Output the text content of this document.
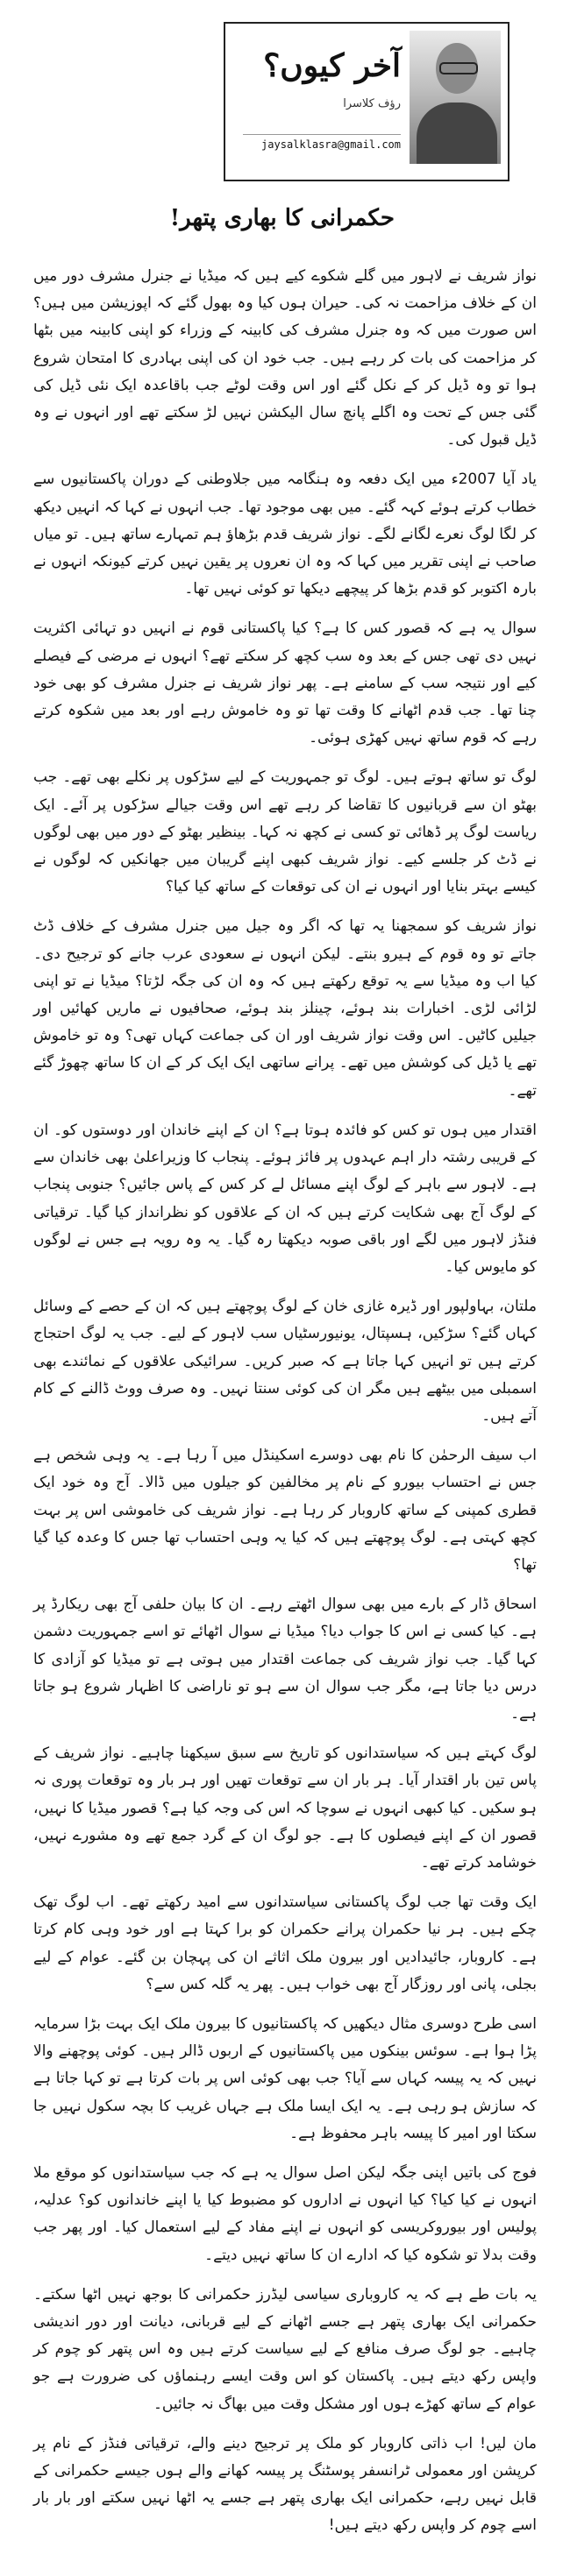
آخر کیوں؟
رؤف کلاسرا
jaysalklasra@gmail.com
حکمرانی کا بھاری پتھر!

نواز شریف نے لاہور میں گلے شکوے کیے ہیں کہ میڈیا نے جنرل مشرف دور میں ان کے خلاف مزاحمت نہ کی۔ حیران ہوں کیا وہ بھول گئے کہ اپوزیشن میں ہیں؟ اس صورت میں کہ وہ جنرل مشرف کی کابینہ کے وزراء کو اپنی کابینہ میں بٹھا کر مزاحمت کی بات کر رہے ہیں۔ جب خود ان کی اپنی بہادری کا امتحان شروع ہوا تو وہ ڈیل کر کے نکل گئے اور اس وقت لوٹے جب باقاعدہ ایک نئی ڈیل کی گئی جس کے تحت وہ اگلے پانچ سال الیکشن نہیں لڑ سکتے تھے اور انہوں نے وہ ڈیل قبول کی۔

یاد آیا 2007ء میں ایک دفعہ وہ ہنگامہ میں جلاوطنی کے دوران پاکستانیوں سے خطاب کرتے ہوئے کہہ گئے۔ میں بھی موجود تھا۔ جب انہوں نے کہا کہ انہیں دیکھ کر لگا لوگ نعرے لگانے لگے۔ نواز شریف قدم بڑھاؤ ہم تمہارے ساتھ ہیں۔ تو میاں صاحب نے اپنی تقریر میں کہا کہ وہ ان نعروں پر یقین نہیں کرتے کیونکہ انہوں نے بارہ اکتوبر کو قدم بڑھا کر پیچھے دیکھا تو کوئی نہیں تھا۔

سوال یہ ہے کہ قصور کس کا ہے؟ کیا پاکستانی قوم نے انہیں دو تہائی اکثریت نہیں دی تھی جس کے بعد وہ سب کچھ کر سکتے تھے؟ انہوں نے مرضی کے فیصلے کیے اور نتیجہ سب کے سامنے ہے۔ پھر نواز شریف نے جنرل مشرف کو بھی خود چنا تھا۔ جب قدم اٹھانے کا وقت تھا تو وہ خاموش رہے اور بعد میں شکوہ کرتے رہے کہ قوم ساتھ نہیں کھڑی ہوئی۔

لوگ تو ساتھ ہوتے ہیں۔ لوگ تو جمہوریت کے لیے سڑکوں پر نکلے بھی تھے۔ جب بھٹو ان سے قربانیوں کا تقاضا کر رہے تھے اس وقت جیالے سڑکوں پر آئے۔ ایک ریاست لوگ پر ڈھائی تو کسی نے کچھ نہ کہا۔ بینظیر بھٹو کے دور میں بھی لوگوں نے ڈٹ کر جلسے کیے۔ نواز شریف کبھی اپنے گریبان میں جھانکیں کہ لوگوں نے کیسے بہتر بنایا اور انہوں نے ان کی توقعات کے ساتھ کیا کیا؟

نواز شریف کو سمجھنا یہ تھا کہ اگر وہ جیل میں جنرل مشرف کے خلاف ڈٹ جاتے تو وہ قوم کے ہیرو بنتے۔ لیکن انہوں نے سعودی عرب جانے کو ترجیح دی۔ کیا اب وہ میڈیا سے یہ توقع رکھتے ہیں کہ وہ ان کی جگہ لڑتا؟ میڈیا نے تو اپنی لڑائی لڑی۔ اخبارات بند ہوئے، چینلز بند ہوئے، صحافیوں نے ماریں کھائیں اور جیلیں کاٹیں۔ اس وقت نواز شریف اور ان کی جماعت کہاں تھی؟ وہ تو خاموش تھے یا ڈیل کی کوشش میں تھے۔ پرانے ساتھی ایک ایک کر کے ان کا ساتھ چھوڑ گئے تھے۔

اقتدار میں ہوں تو کس کو فائدہ ہوتا ہے؟ ان کے اپنے خاندان اور دوستوں کو۔ ان کے قریبی رشتہ دار اہم عہدوں پر فائز ہوئے۔ پنجاب کا وزیراعلیٰ بھی خاندان سے ہے۔ لاہور سے باہر کے لوگ اپنے مسائل لے کر کس کے پاس جائیں؟ جنوبی پنجاب کے لوگ آج بھی شکایت کرتے ہیں کہ ان کے علاقوں کو نظرانداز کیا گیا۔ ترقیاتی فنڈز لاہور میں لگے اور باقی صوبہ دیکھتا رہ گیا۔ یہ وہ رویہ ہے جس نے لوگوں کو مایوس کیا۔

ملتان، بہاولپور اور ڈیرہ غازی خان کے لوگ پوچھتے ہیں کہ ان کے حصے کے وسائل کہاں گئے؟ سڑکیں، ہسپتال، یونیورسٹیاں سب لاہور کے لیے۔ جب یہ لوگ احتجاج کرتے ہیں تو انہیں کہا جاتا ہے کہ صبر کریں۔ سرائیکی علاقوں کے نمائندے بھی اسمبلی میں بیٹھے ہیں مگر ان کی کوئی سنتا نہیں۔ وہ صرف ووٹ ڈالنے کے کام آتے ہیں۔

اب سیف الرحمٰن کا نام بھی دوسرے اسکینڈل میں آ رہا ہے۔ یہ وہی شخص ہے جس نے احتساب بیورو کے نام پر مخالفین کو جیلوں میں ڈالا۔ آج وہ خود ایک قطری کمپنی کے ساتھ کاروبار کر رہا ہے۔ نواز شریف کی خاموشی اس پر بہت کچھ کہتی ہے۔ لوگ پوچھتے ہیں کہ کیا یہ وہی احتساب تھا جس کا وعدہ کیا گیا تھا؟

اسحاق ڈار کے بارے میں بھی سوال اٹھتے رہے۔ ان کا بیان حلفی آج بھی ریکارڈ پر ہے۔ کیا کسی نے اس کا جواب دیا؟ میڈیا نے سوال اٹھائے تو اسے جمہوریت دشمن کہا گیا۔ جب نواز شریف کی جماعت اقتدار میں ہوتی ہے تو میڈیا کو آزادی کا درس دیا جاتا ہے، مگر جب سوال ان سے ہو تو ناراضی کا اظہار شروع ہو جاتا ہے۔

لوگ کہتے ہیں کہ سیاستدانوں کو تاریخ سے سبق سیکھنا چاہیے۔ نواز شریف کے پاس تین بار اقتدار آیا۔ ہر بار ان سے توقعات تھیں اور ہر بار وہ توقعات پوری نہ ہو سکیں۔ کیا کبھی انہوں نے سوچا کہ اس کی وجہ کیا ہے؟ قصور میڈیا کا نہیں، قصور ان کے اپنے فیصلوں کا ہے۔ جو لوگ ان کے گرد جمع تھے وہ مشورے نہیں، خوشامد کرتے تھے۔

ایک وقت تھا جب لوگ پاکستانی سیاستدانوں سے امید رکھتے تھے۔ اب لوگ تھک چکے ہیں۔ ہر نیا حکمران پرانے حکمران کو برا کہتا ہے اور خود وہی کام کرتا ہے۔ کاروبار، جائیدادیں اور بیرون ملک اثاثے ان کی پہچان بن گئے۔ عوام کے لیے بجلی، پانی اور روزگار آج بھی خواب ہیں۔ پھر یہ گلہ کس سے؟

اسی طرح دوسری مثال دیکھیں کہ پاکستانیوں کا بیرون ملک ایک بہت بڑا سرمایہ پڑا ہوا ہے۔ سوئس بینکوں میں پاکستانیوں کے اربوں ڈالر ہیں۔ کوئی پوچھنے والا نہیں کہ یہ پیسہ کہاں سے آیا؟ جب بھی کوئی اس پر بات کرتا ہے تو کہا جاتا ہے کہ سازش ہو رہی ہے۔ یہ ایک ایسا ملک ہے جہاں غریب کا بچہ سکول نہیں جا سکتا اور امیر کا پیسہ باہر محفوظ ہے۔

فوج کی باتیں اپنی جگہ لیکن اصل سوال یہ ہے کہ جب سیاستدانوں کو موقع ملا انہوں نے کیا کیا؟ کیا انہوں نے اداروں کو مضبوط کیا یا اپنے خاندانوں کو؟ عدلیہ، پولیس اور بیوروکریسی کو انہوں نے اپنے مفاد کے لیے استعمال کیا۔ اور پھر جب وقت بدلا تو شکوہ کیا کہ ادارے ان کا ساتھ نہیں دیتے۔

یہ بات طے ہے کہ یہ کاروباری سیاسی لیڈرز حکمرانی کا بوجھ نہیں اٹھا سکتے۔ حکمرانی ایک بھاری پتھر ہے جسے اٹھانے کے لیے قربانی، دیانت اور دور اندیشی چاہیے۔ جو لوگ صرف منافع کے لیے سیاست کرتے ہیں وہ اس پتھر کو چوم کر واپس رکھ دیتے ہیں۔ پاکستان کو اس وقت ایسے رہنماؤں کی ضرورت ہے جو عوام کے ساتھ کھڑے ہوں اور مشکل وقت میں بھاگ نہ جائیں۔

مان لیں! اب ذاتی کاروبار کو ملک پر ترجیح دینے والے، ترقیاتی فنڈز کے نام پر کرپشن اور معمولی ٹرانسفر پوسٹنگ پر پیسہ کھانے والے ہوں جیسے حکمرانی کے قابل نہیں رہے، حکمرانی ایک بھاری پتھر ہے جسے یہ اٹھا نہیں سکتے اور بار بار اسے چوم کر واپس رکھ دیتے ہیں!
